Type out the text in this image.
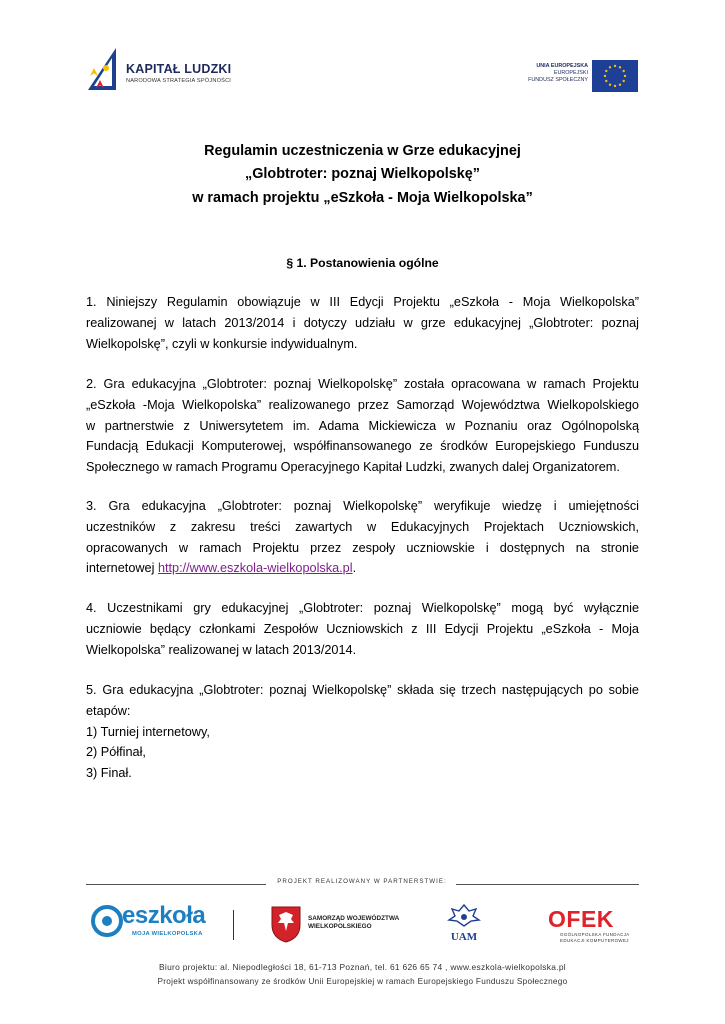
KAPITAŁ LUDZKI
NARODOWA STRATEGIA SPÓJNOŚCI
UNIA EUROPEJSKA
EUROPEJSKI
FUNDUSZ SPOŁECZNY
Regulamin uczestniczenia w Grze edukacyjnej
„Globtroter: poznaj Wielkopolskę”
w ramach projektu „eSzkoła - Moja Wielkopolska”
§ 1. Postanowienia ogólne
1. Niniejszy Regulamin obowiązuje w III Edycji Projektu „eSzkoła - Moja Wielkopolska”
realizowanej w latach 2013/2014 i dotyczy udziału w grze edukacyjnej „Globtroter: poznaj
Wielkopolskę”, czyli w konkursie indywidualnym.
2. Gra edukacyjna „Globtroter: poznaj Wielkopolskę” została opracowana w ramach Projektu
„eSzkoła -Moja Wielkopolska” realizowanego przez Samorząd Województwa Wielkopolskiego
w partnerstwie z Uniwersytetem im. Adama Mickiewicza w Poznaniu oraz Ogólnopolską
Fundacją Edukacji Komputerowej, współfinansowanego ze środków Europejskiego Funduszu
Społecznego w ramach Programu Operacyjnego Kapitał Ludzki, zwanych dalej Organizatorem.
3. Gra edukacyjna „Globtroter: poznaj Wielkopolskę” weryfikuje wiedzę i umiejętności
uczestników z zakresu treści zawartych w Edukacyjnych Projektach Uczniowskich,
opracowanych w ramach Projektu przez zespoły uczniowskie i dostępnych na stronie
internetowej http://www.eszkola-wielkopolska.pl.
4. Uczestnikami gry edukacyjnej „Globtroter: poznaj Wielkopolskę” mogą być wyłącznie
uczniowie będący członkami Zespołów Uczniowskich z III Edycji Projektu „eSzkoła - Moja
Wielkopolska” realizowanej w latach 2013/2014.
5. Gra edukacyjna „Globtroter: poznaj Wielkopolskę” składa się trzech następujących po sobie
etapów:
1) Turniej internetowy,
2) Półfinał,
3) Finał.
PROJEKT REALIZOWANY W PARTNERSTWIE:
eszkoła
MOJA WIELKOPOLSKA
SAMORZĄD WOJEWÓDZTWA
WIELKOPOLSKIEGO
UAM
OFEK
OGÓLNOPOLSKA FUNDACJA
EDUKACJI KOMPUTEROWEJ
Biuro projektu: al. Niepodległości 18, 61-713 Poznań, tel. 61 626 65 74 , www.eszkola-wielkopolska.pl
Projekt współfinansowany ze środków Unii Europejskiej w ramach Europejskiego Funduszu Społecznego
